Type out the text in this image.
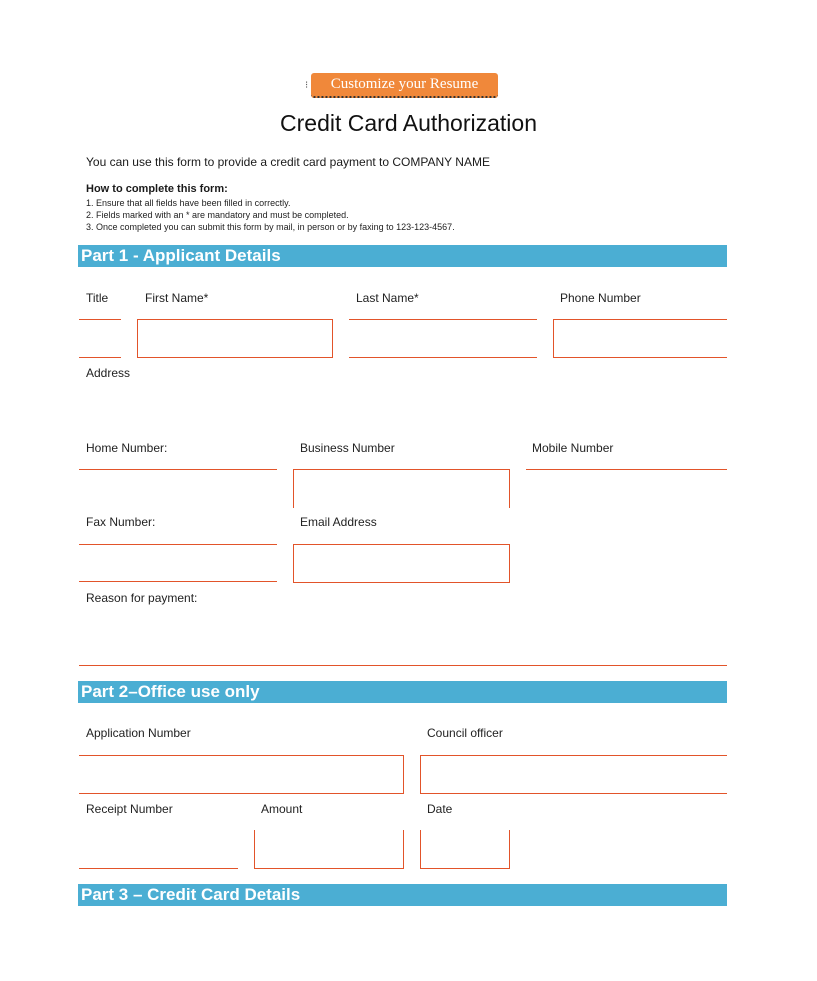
⁝	Customize your Resume
Credit Card Authorization
You can use this form to provide a credit card payment to COMPANY NAME
How to complete this form:
1. Ensure that all fields have been filled in correctly.
2. Fields marked with an * are mandatory and must be completed.
3. Once completed you can submit this form by mail, in person or by faxing to 123-123-4567.
Part 1 - Applicant Details
Title	First Name*	Last Name*	Phone Number
Address
Home Number:	Business Number	Mobile Number
Fax Number:	Email Address
Reason for payment:
Part 2–Office use only
Application Number	Council officer
Receipt Number	Amount	Date
Part 3 – Credit Card Details
